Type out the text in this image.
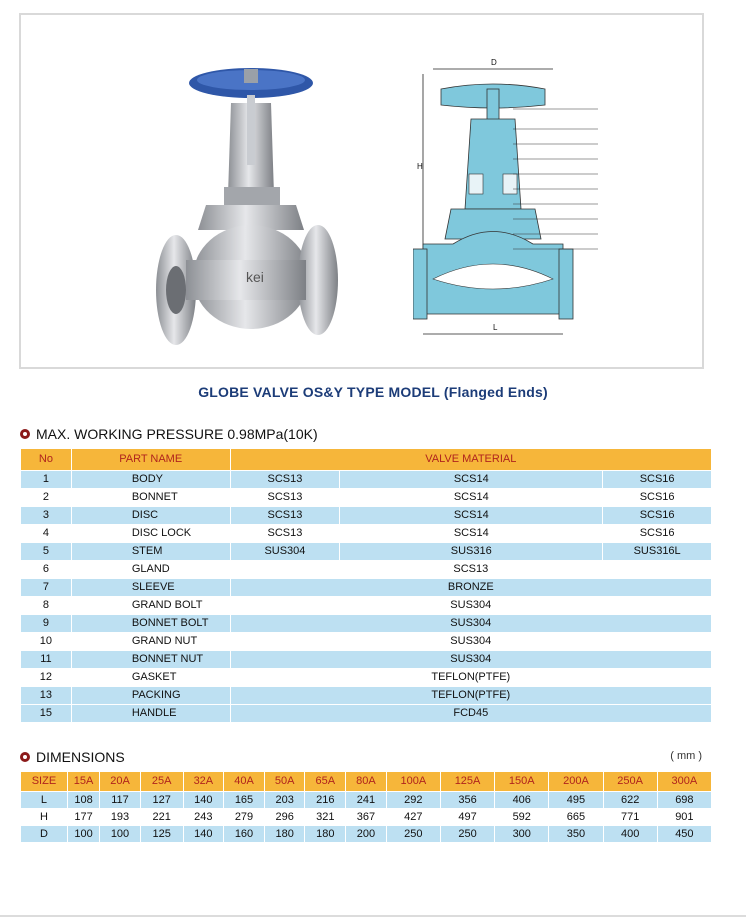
kei
D
H
L
GLOBE VALVE OS&Y TYPE MODEL (Flanged Ends)
MAX. WORKING PRESSURE 0.98MPa(10K)
No	PART NAME	VALVE MATERIAL		
1	BODY	SCS13	SCS14	SCS16
2	BONNET	SCS13	SCS14	SCS16
3	DISC	SCS13	SCS14	SCS16
4	DISC LOCK	SCS13	SCS14	SCS16
5	STEM	SUS304	SUS316	SUS316L
6	GLAND	SCS13		
7	SLEEVE	BRONZE		
8	GRAND BOLT	SUS304		
9	BONNET BOLT	SUS304		
10	GRAND NUT	SUS304		
11	BONNET NUT	SUS304		
12	GASKET	TEFLON(PTFE)		
13	PACKING	TEFLON(PTFE)		
15	HANDLE	FCD45		
DIMENSIONS	( mm )
SIZE	15A	20A	25A	32A	40A	50A	65A	80A	100A	125A	150A	200A	250A	300A
L	108	117	127	140	165	203	216	241	292	356	406	495	622	698
H	177	193	221	243	279	296	321	367	427	497	592	665	771	901
D	100	100	125	140	160	180	180	200	250	250	300	350	400	450
